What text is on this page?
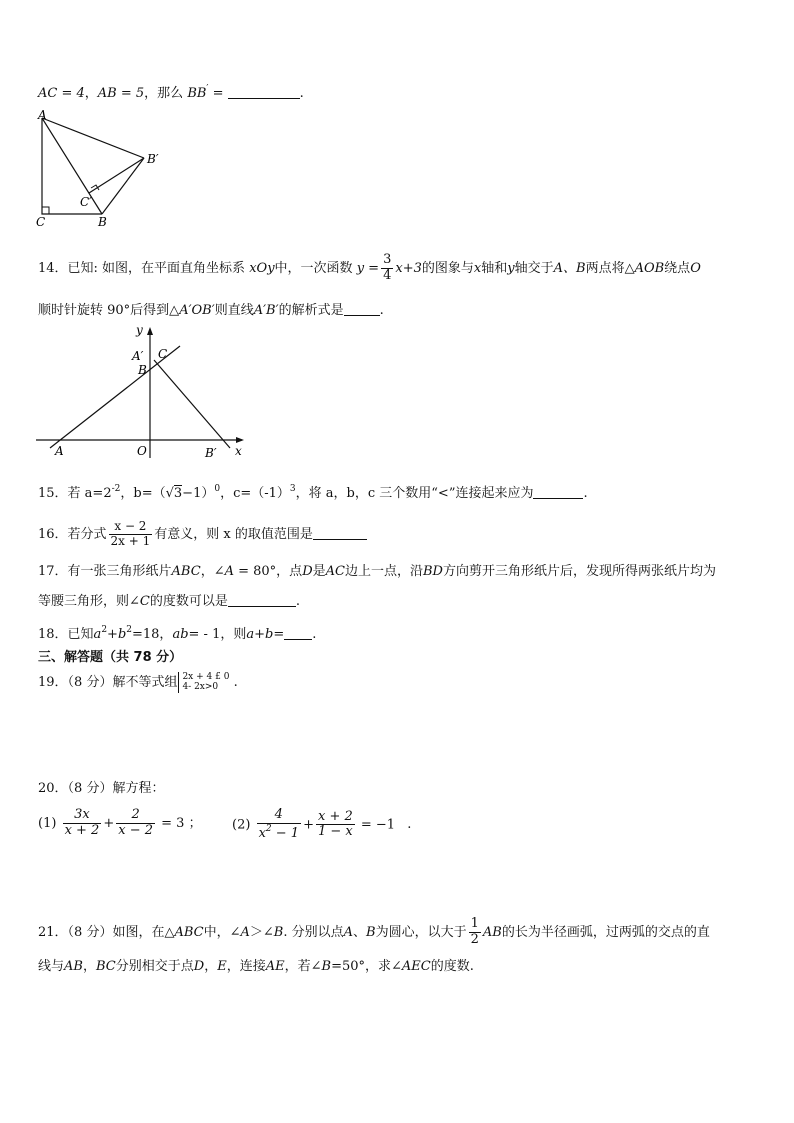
AC = 4，AB = 5，那么 BB′ =	.
A
B′
C′
C	B
14．已知: 如图，在平面直角坐标系 xOy中，一次函数 $y = \frac{3}{4} x+3$的图象与x轴和y轴交于A、B两点将△AOB绕点O
顺时针旋转 90°后得到△A′OB′则直线A′B′的解析式是	.
y
x
A′ C
B
A	O	B′
15．若 $a=2^{-2}$，$b=(√3-1)^0$，$c=(-1)^3$，将 a，b，c 三个数用“<”连接起来应为	.
16．若分式 $\frac{x - 2}{2x + 1}$ 有意义，则 x 的取值范围是
17．有一张三角形纸片ABC，∠A = 80°，点D是AC边上一点，沿BD方向剪开三角形纸片后，发现所得两张纸片均为
等腰三角形，则∠C的度数可以是	.
18．已知$a^2+b^2=18$，ab= - 1，则a+b= .
三、解答题（共 78 分）
19．（8 分）解不等式组 2x + 4 £ 0
4- 2x>0	.
20．（8 分）解方程：
$(1) \frac{3x}{x + 2} + \frac{2}{x - 2} = 3$ ； $(2) \frac{4}{x^2 - 1} + \frac{x + 2}{1 - x} = -1$ .
21．（8 分）如图，在△ABC中，∠A＞∠B. 分别以点A、B为圆心，以大于 $\frac{1}{2}$ AB的长为半径画弧，过两弧的交点的直
线与AB，BC分别相交于点D，E，连接AE，若∠B=50°，求∠AEC的度数.
